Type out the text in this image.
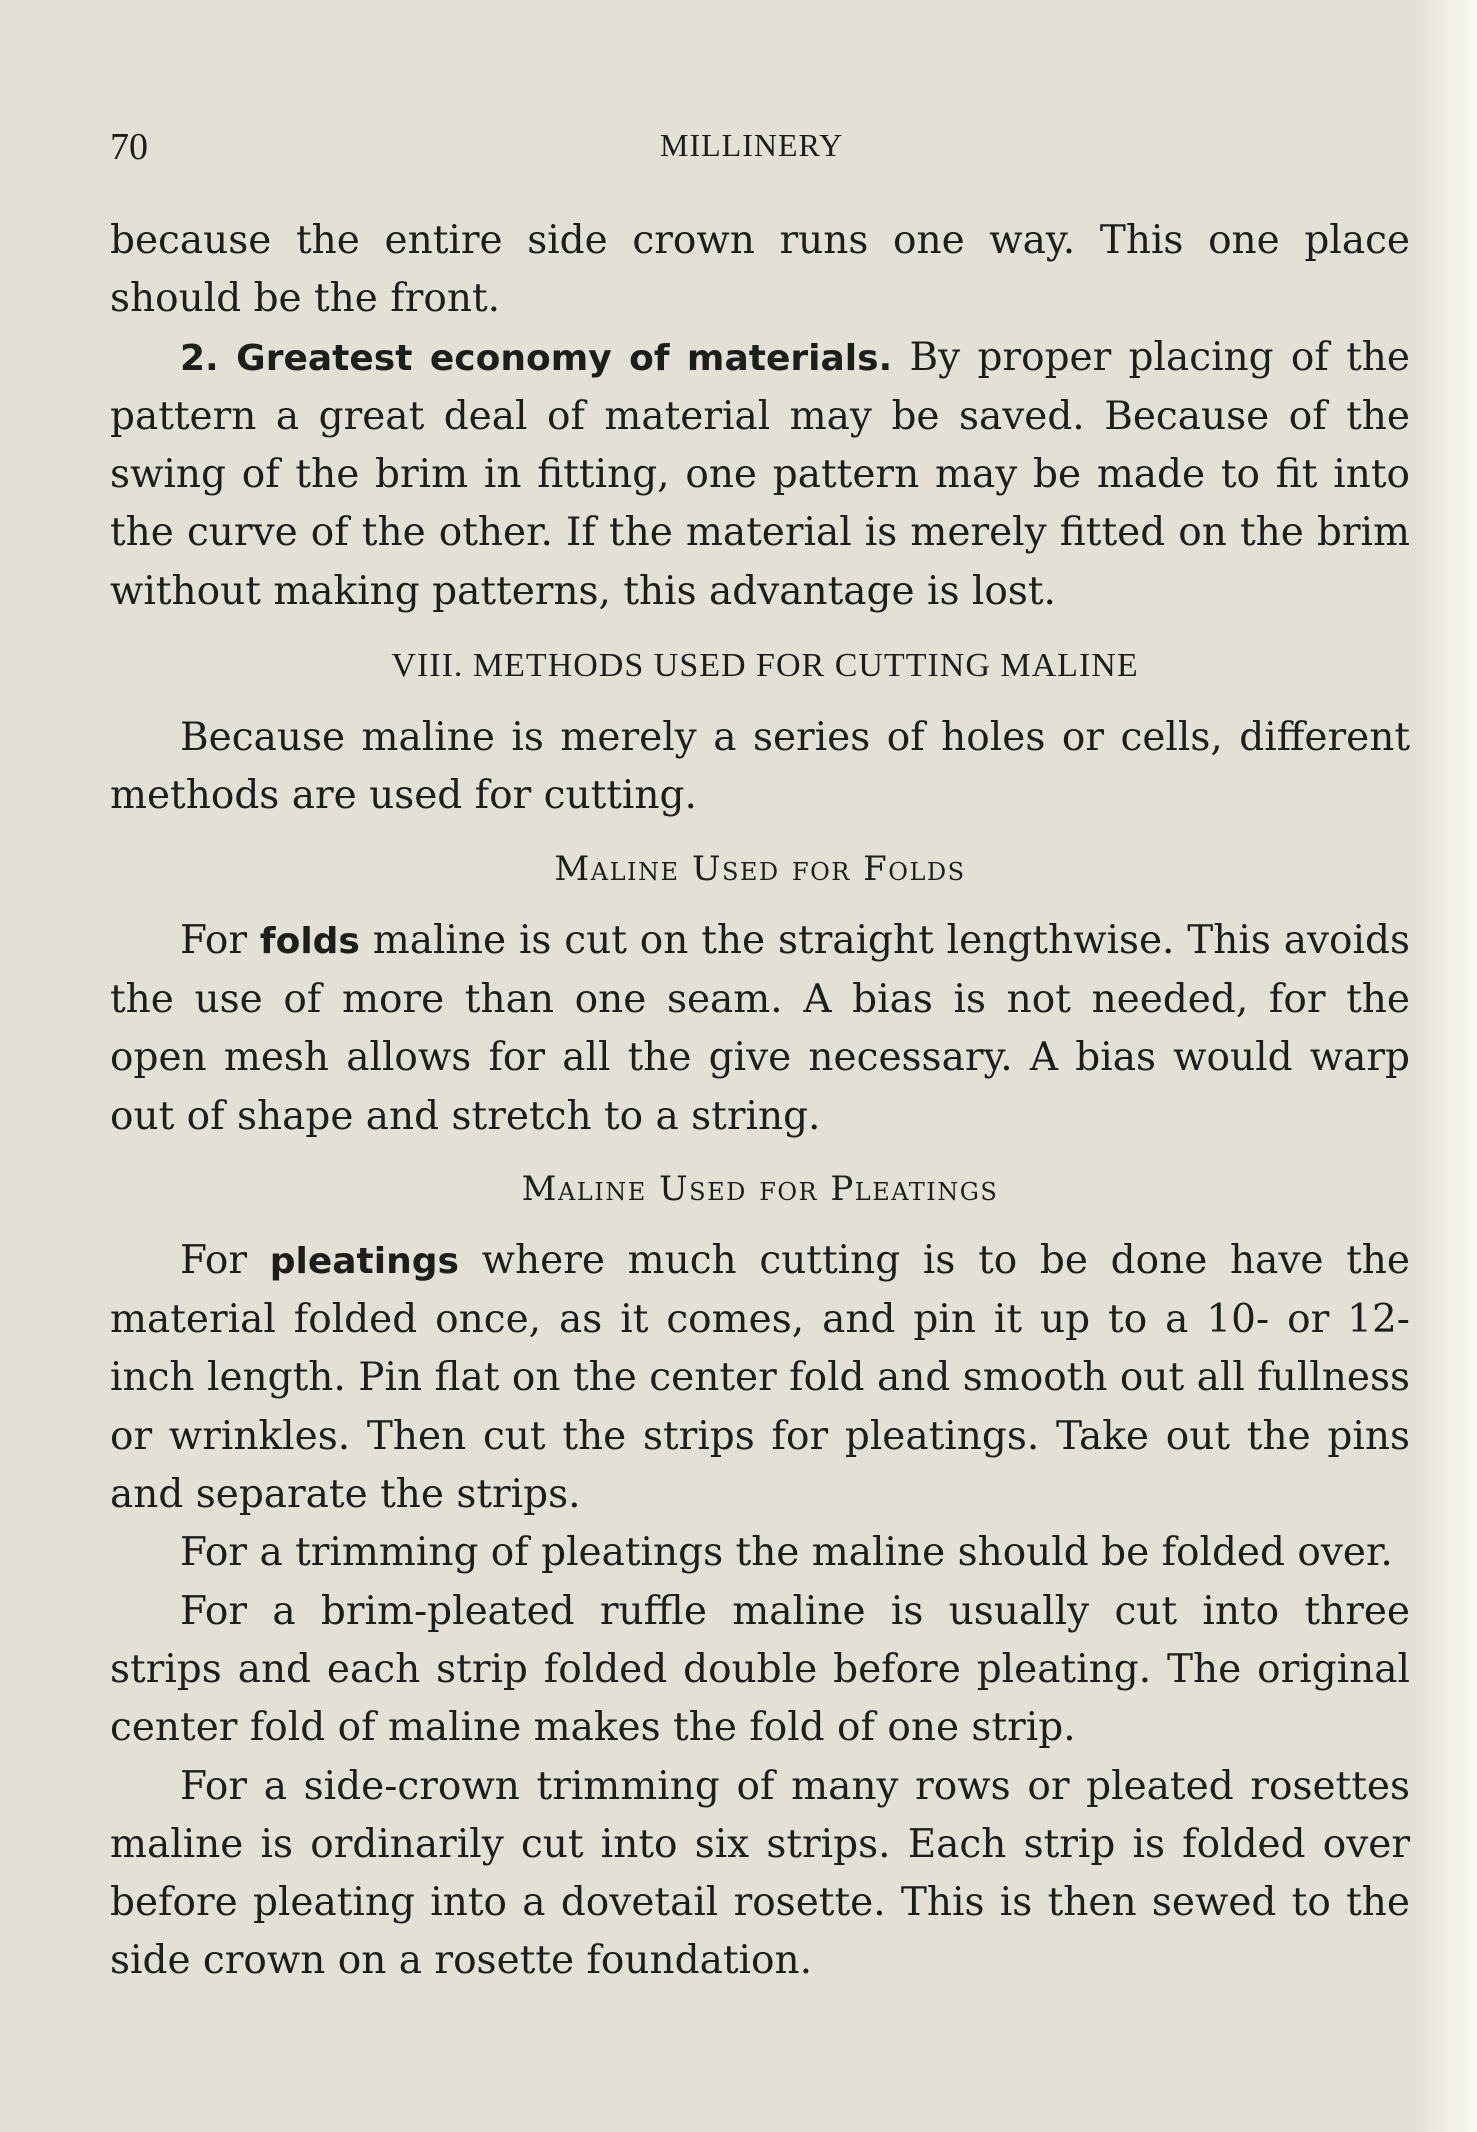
70	MILLINERY

because the entire side crown runs one way. This one place should be the front.

2. Greatest economy of materials. By proper placing of the pattern a great deal of material may be saved. Because of the swing of the brim in fitting, one pattern may be made to fit into the curve of the other. If the material is merely fitted on the brim without making patterns, this advantage is lost.

VIII. METHODS USED FOR CUTTING MALINE

Because maline is merely a series of holes or cells, different methods are used for cutting.

Maline Used for Folds

For folds maline is cut on the straight lengthwise. This avoids the use of more than one seam. A bias is not needed, for the open mesh allows for all the give necessary. A bias would warp out of shape and stretch to a string.

Maline Used for Pleatings

For pleatings where much cutting is to be done have the material folded once, as it comes, and pin it up to a 10- or 12-inch length. Pin flat on the center fold and smooth out all fullness or wrinkles. Then cut the strips for pleatings. Take out the pins and separate the strips.

For a trimming of pleatings the maline should be folded over.

For a brim-pleated ruffle maline is usually cut into three strips and each strip folded double before pleating. The original center fold of maline makes the fold of one strip.

For a side-crown trimming of many rows or pleated rosettes maline is ordinarily cut into six strips. Each strip is folded over before pleating into a dovetail rosette. This is then sewed to the side crown on a rosette foundation.
